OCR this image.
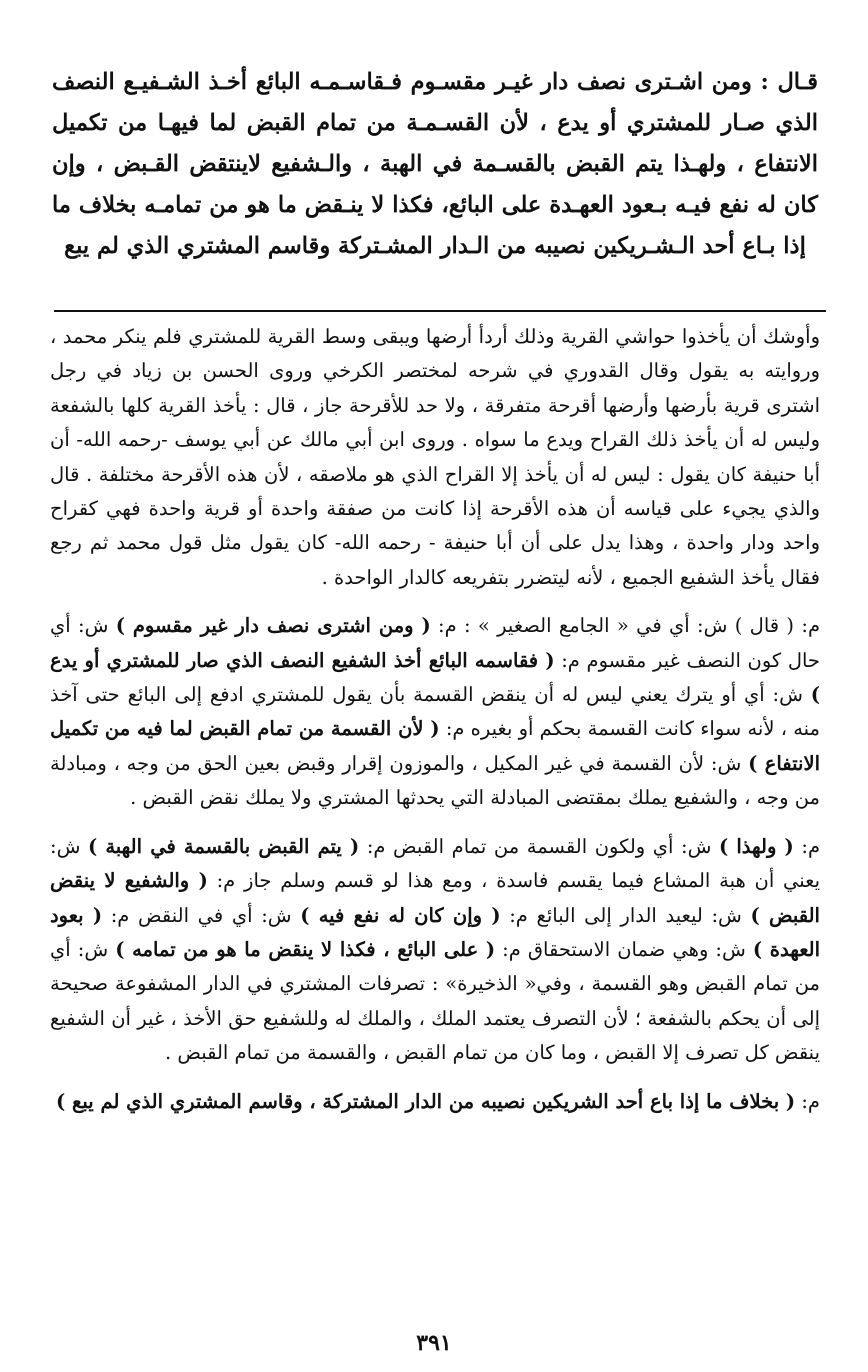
قـال : ومن اشـترى نصف دار غيـر مقسـوم فـقاسـمـه البائع أخـذ الشـفيـع النصف الذي صـار للمشتري أو يدع ، لأن القسـمـة من تمام القبض لما فيهـا من تكميل الانتفاع ، ولهـذا يتم القبض بالقسـمة في الهبة ، والـشفيع لاينتقض القـبض ، وإن كان له نفع فيـه بـعود العهـدة على البائع، فكذا لا ينـقض ما هو من تمامـه بخلاف ما إذا بـاع أحد الـشـريكين نصيبه من الـدار المشـتركة وقاسم المشتري الذي لم يبع

وأوشك أن يأخذوا حواشي القرية وذلك أردأ أرضها ويبقى وسط القرية للمشتري فلم ينكر محمد ، وروايته به يقول وقال القدوري في شرحه لمختصر الكرخي وروى الحسن بن زياد في رجل اشترى قرية بأرضها وأرضها أقرحة متفرقة ، ولا حد للأقرحة جاز ، قال : يأخذ القرية كلها بالشفعة وليس له أن يأخذ ذلك القراح ويدع ما سواه . وروى ابن أبي مالك عن أبي يوسف -رحمه الله- أن أبا حنيفة كان يقول : ليس له أن يأخذ إلا القراح الذي هو ملاصقه ، لأن هذه الأقرحة مختلفة . قال والذي يجيء على قياسه أن هذه الأقرحة إذا كانت من صفقة واحدة أو قرية واحدة فهي كقراح واحد ودار واحدة ، وهذا يدل على أن أبا حنيفة - رحمه الله- كان يقول مثل قول محمد ثم رجع فقال يأخذ الشفيع الجميع ، لأنه ليتضرر بتفريعه كالدار الواحدة .

م: ( قال ) ش: أي في « الجامع الصغير » : م: ( ومن اشترى نصف دار غير مقسوم ) ش: أي حال كون النصف غير مقسوم م: ( فقاسمه البائع أخذ الشفيع النصف الذي صار للمشتري أو يدع ) ش: أي أو يترك يعني ليس له أن ينقض القسمة بأن يقول للمشتري ادفع إلى البائع حتى آخذ منه ، لأنه سواء كانت القسمة بحكم أو بغيره م: ( لأن القسمة من تمام القبض لما فيه من تكميل الانتفاع ) ش: لأن القسمة في غير المكيل ، والموزون إقرار وقبض بعين الحق من وجه ، ومبادلة من وجه ، والشفيع يملك بمقتضى المبادلة التي يحدثها المشتري ولا يملك نقض القبض .

م: ( ولهذا ) ش: أي ولكون القسمة من تمام القبض م: ( يتم القبض بالقسمة في الهبة ) ش: يعني أن هبة المشاع فيما يقسم فاسدة ، ومع هذا لو قسم وسلم جاز م: ( والشفيع لا ينقض القبض ) ش: ليعيد الدار إلى البائع م: ( وإن كان له نفع فيه ) ش: أي في النقض م: ( بعود العهدة ) ش: وهي ضمان الاستحقاق م: ( على البائع ، فكذا لا ينقض ما هو من تمامه ) ش: أي من تمام القبض وهو القسمة ، وفي« الذخيرة» : تصرفات المشتري في الدار المشفوعة صحيحة إلى أن يحكم بالشفعة ؛ لأن التصرف يعتمد الملك ، والملك له وللشفيع حق الأخذ ، غير أن الشفيع ينقض كل تصرف إلا القبض ، وما كان من تمام القبض ، والقسمة من تمام القبض .

م: ( بخلاف ما إذا باع أحد الشريكين نصيبه من الدار المشتركة ، وقاسم المشتري الذي لم يبع )

٣٩١
